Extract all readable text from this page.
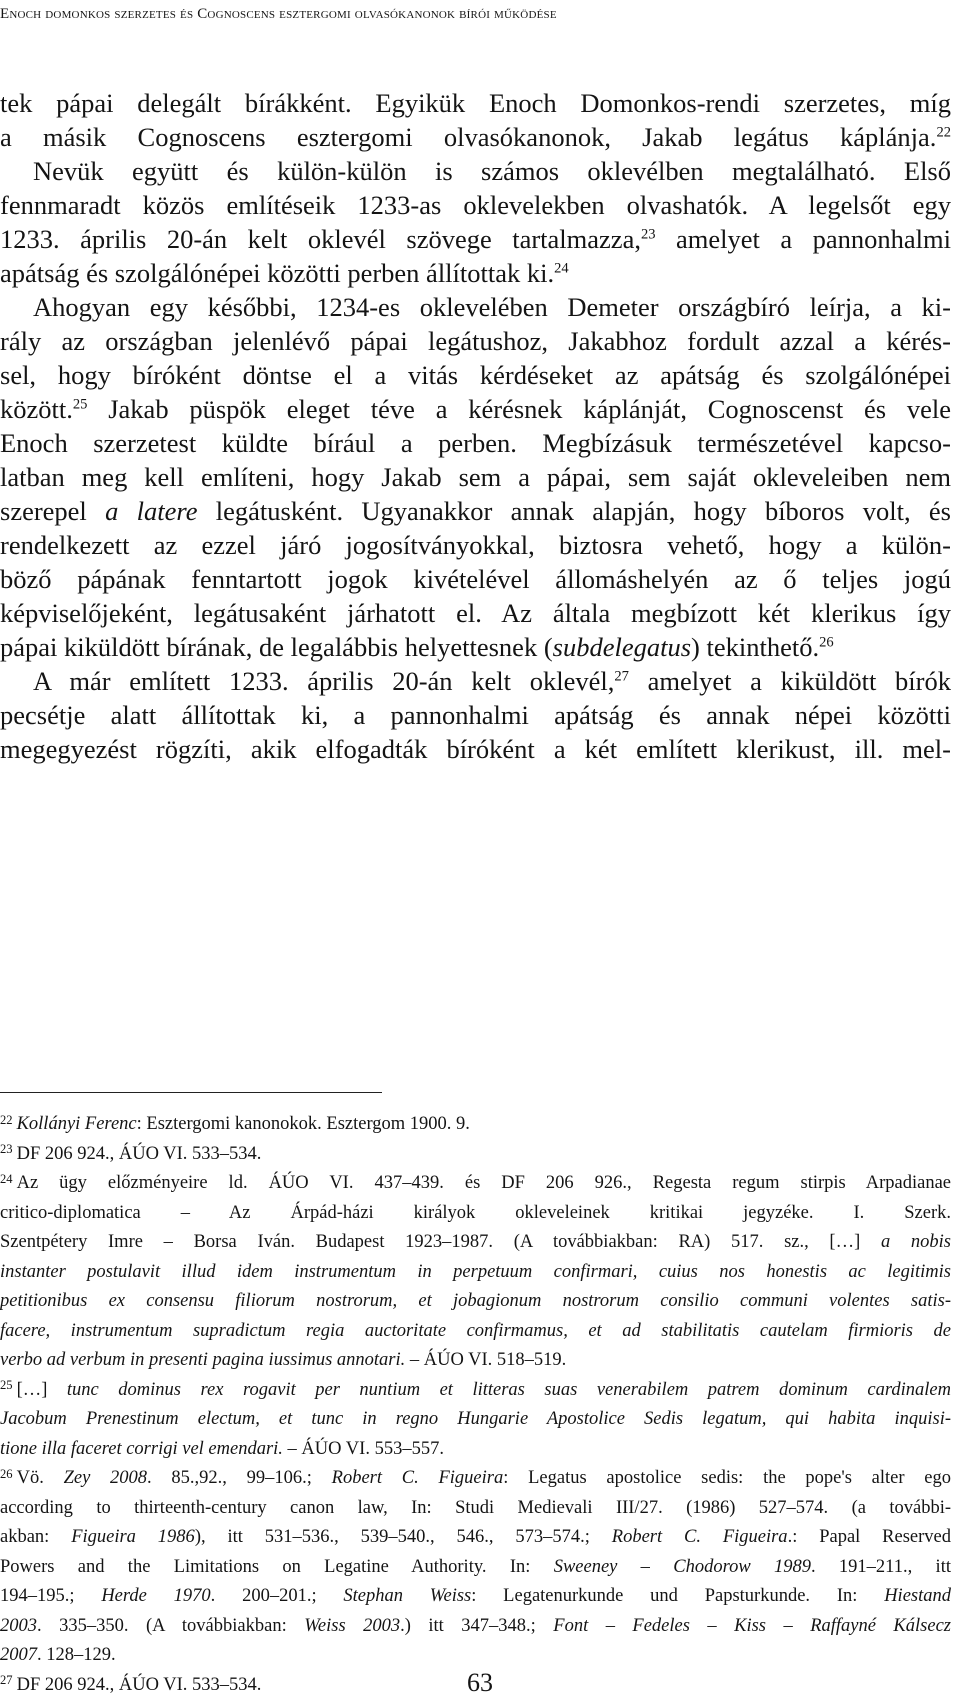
Enoch domonkos szerzetes és Cognoscens esztergomi olvasókanonok bírói működése
tek pápai delegált bírákként. Egyikük Enoch Domonkos-rendi szerzetes, míg
a másik Cognoscens esztergomi olvasókanonok, Jakab legátus káplánja.$^{22}$
Nevük együtt és külön-külön is számos oklevélben megtalálható. Első
fennmaradt közös említéseik 1233-as oklevelekben olvashatók. A legelsőt egy
1233. április 20-án kelt oklevél szövege tartalmazza,$^{23}$ amelyet a pannonhalmi
apátság és szolgálónépei közötti perben állítottak ki.$^{24}$
Ahogyan egy későbbi, 1234-es oklevelében Demeter országbíró leírja, a ki-
rály az országban jelenlévő pápai legátushoz, Jakabhoz fordult azzal a kérés-
sel, hogy bíróként döntse el a vitás kérdéseket az apátság és szolgálónépei
között.$^{25}$ Jakab püspök eleget téve a kérésnek káplánját, Cognoscenst és vele
Enoch szerzetest küldte bírául a perben. Megbízásuk természetével kapcso-
latban meg kell említeni, hogy Jakab sem a pápai, sem saját okleveleiben nem
szerepel a latere legátusként. Ugyanakkor annak alapján, hogy bíboros volt, és
rendelkezett az ezzel járó jogosítványokkal, biztosra vehető, hogy a külön-
böző pápának fenntartott jogok kivételével állomáshelyén az ő teljes jogú
képviselőjeként, legátusaként járhatott el. Az általa megbízott két klerikus így
pápai kiküldött bírának, de legalábbis helyettesnek (subdelegatus) tekinthető.$^{26}$
A már említett 1233. április 20-án kelt oklevél,$^{27}$ amelyet a kiküldött bírók
pecsétje alatt állítottak ki, a pannonhalmi apátság és annak népei közötti
megegyezést rögzíti, akik elfogadták bíróként a két említett klerikust, ill. mel-
$^{22}$ Kollányi Ferenc: Esztergomi kanonokok. Esztergom 1900. 9.
$^{23}$ DF 206 924., ÁÚO VI. 533–534.
$^{24}$ Az ügy előzményeire ld. ÁÚO VI. 437–439. és DF 206 926., Regesta regum stirpis Arpadianae
critico-diplomatica – Az Árpád-házi királyok okleveleinek kritikai jegyzéke. I. Szerk.
Szentpétery Imre – Borsa Iván. Budapest 1923–1987. (A továbbiakban: RA) 517. sz., […] a nobis
instanter postulavit illud idem instrumentum in perpetuum confirmari, cuius nos honestis ac legitimis
petitionibus ex consensu filiorum nostrorum, et jobagionum nostrorum consilio communi volentes satis-
facere, instrumentum supradictum regia auctoritate confirmamus, et ad stabilitatis cautelam firmioris de
verbo ad verbum in presenti pagina iussimus annotari. – ÁÚO VI. 518–519.
$^{25}$ […] tunc dominus rex rogavit per nuntium et litteras suas venerabilem patrem dominum cardinalem
Jacobum Prenestinum electum, et tunc in regno Hungarie Apostolice Sedis legatum, qui habita inquisi-
tione illa faceret corrigi vel emendari. – ÁÚO VI. 553–557.
$^{26}$ Vö. Zey 2008. 85.,92., 99–106.; Robert C. Figueira: Legatus apostolice sedis: the pope's alter ego
according to thirteenth-century canon law, In: Studi Medievali III/27. (1986) 527–574. (a további-
akban: Figueira 1986), itt 531–536., 539–540., 546., 573–574.; Robert C. Figueira.: Papal Reserved
Powers and the Limitations on Legatine Authority. In: Sweeney – Chodorow 1989. 191–211., itt
194–195.; Herde 1970. 200–201.; Stephan Weiss: Legatenurkunde und Papsturkunde. In: Hiestand
2003. 335–350. (A továbbiakban: Weiss 2003.) itt 347–348.; Font – Fedeles – Kiss – Raffayné Kálsecz
2007. 128–129.
$^{27}$ DF 206 924., ÁÚO VI. 533–534.	63
